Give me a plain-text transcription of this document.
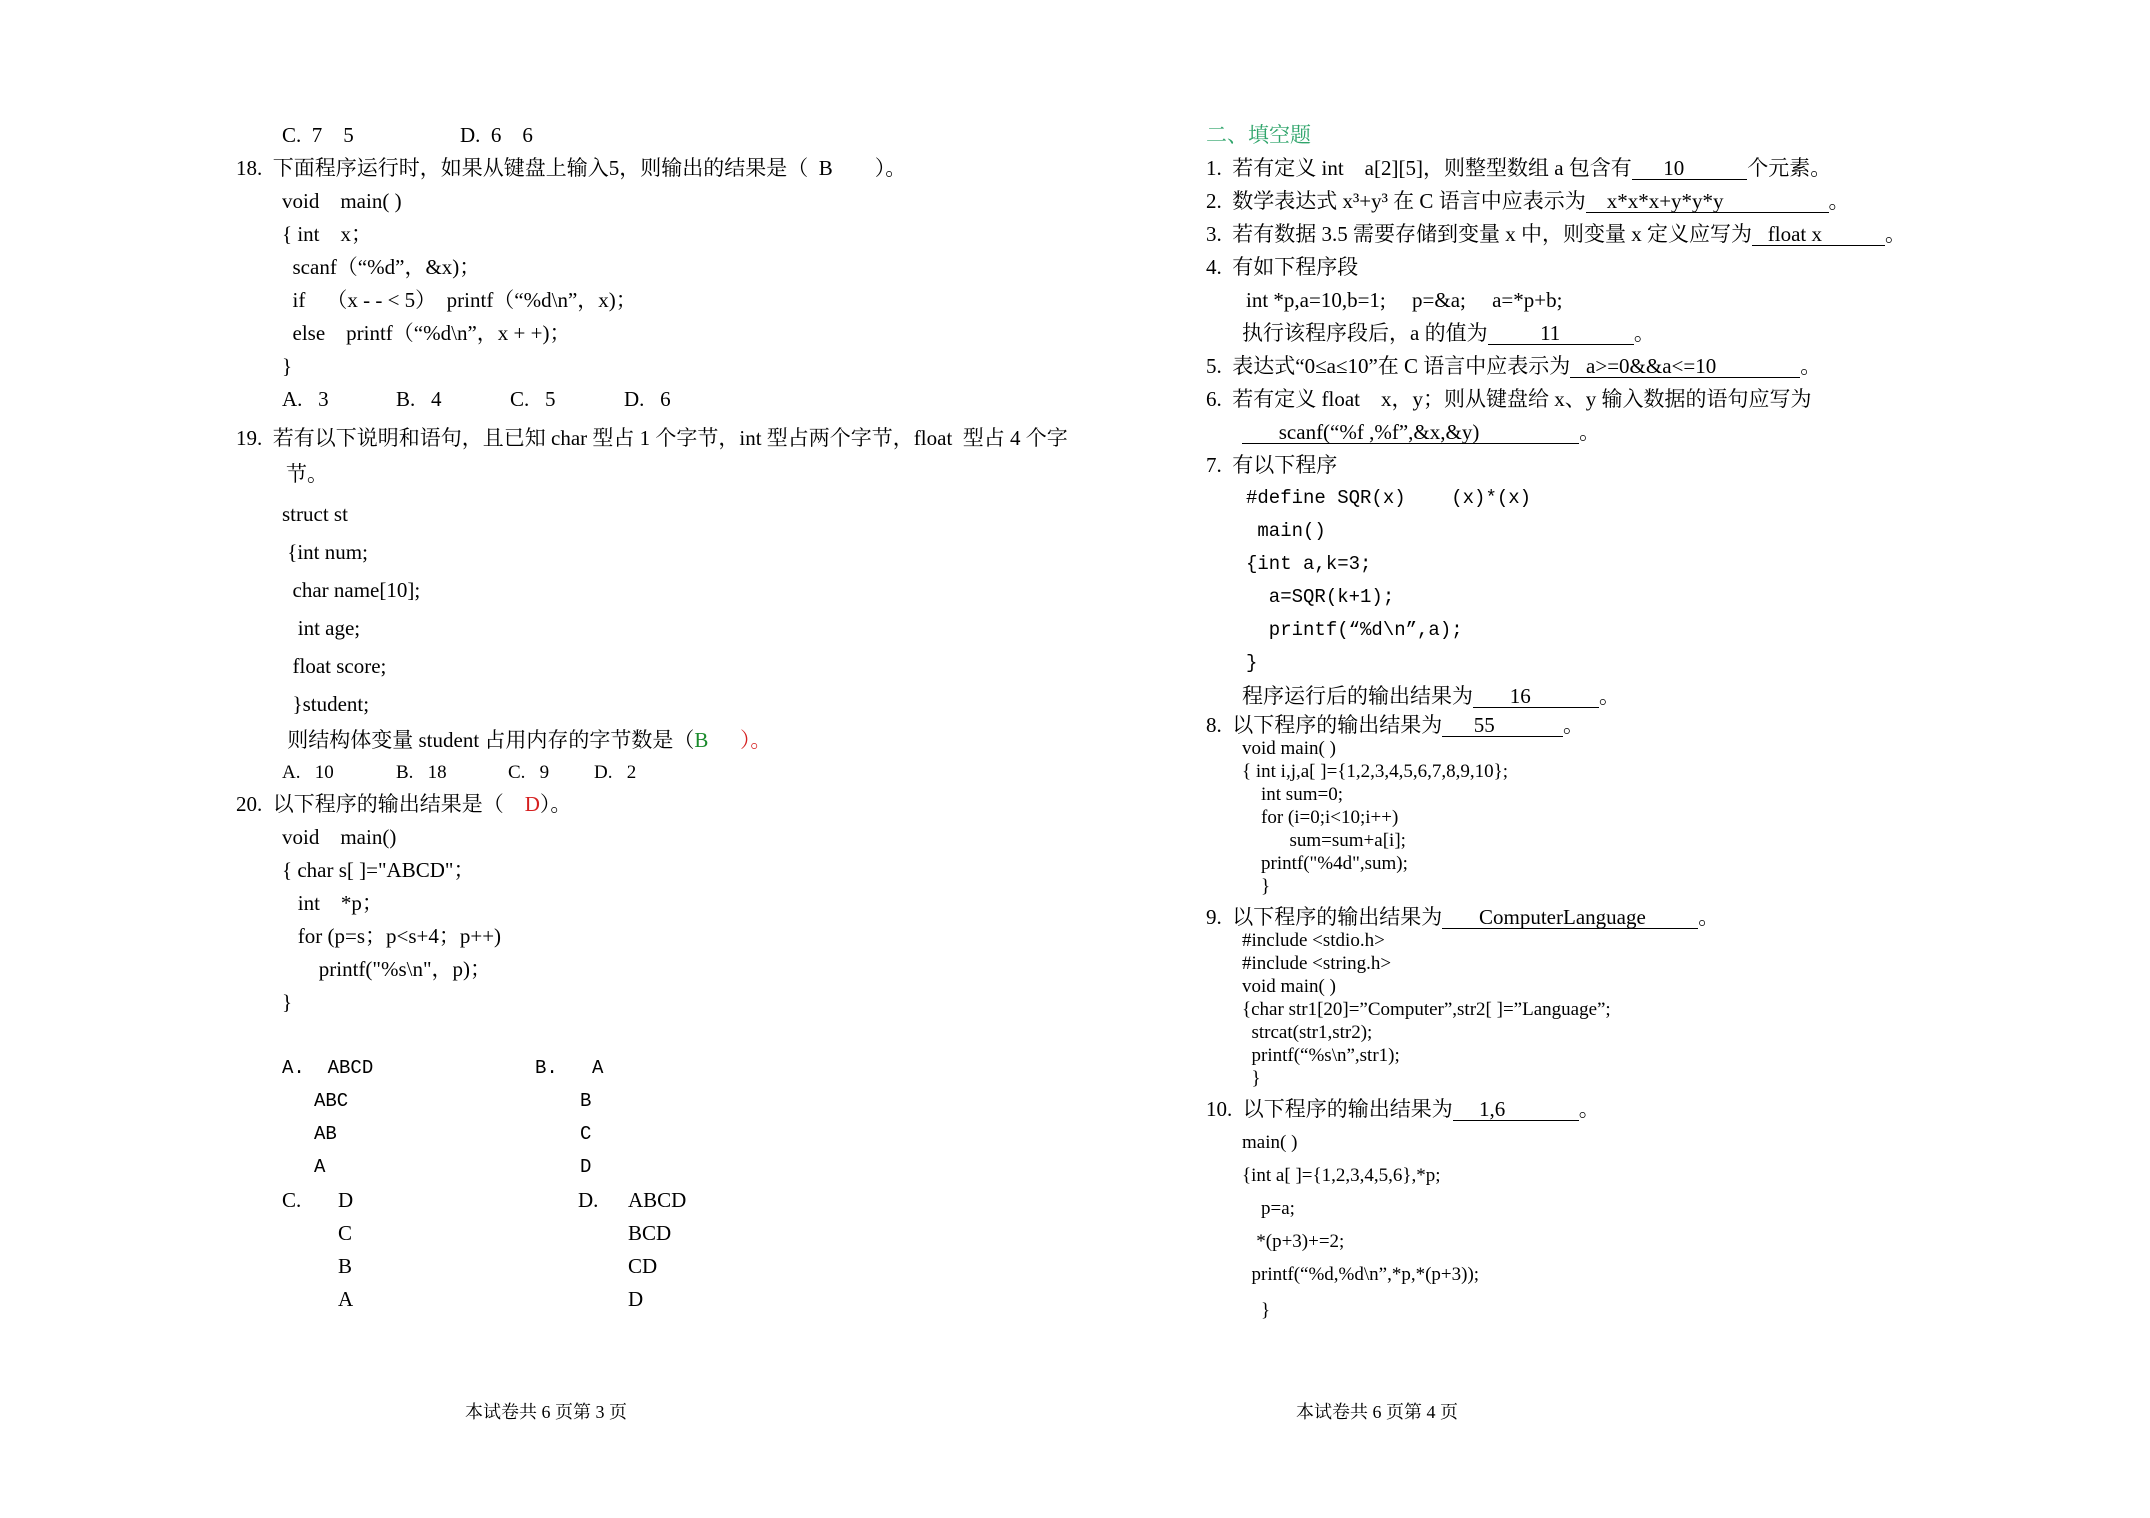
C.  7    5	D.  6    6
18. 下面程序运行时，如果从键盘上输入5，则输出的结果是（  B        ）。
void    main( )
{ int    x；
scanf（“%d”，&x)；
if    （x - - < 5）  printf（“%d\n”，x)；
else    printf（“%d\n”，x + +)；
}
A.   3	B.   4	C.   5	D.   6
19. 若有以下说明和语句，且已知 char 型占 1 个字节，int 型占两个字节，float  型占 4 个字
节。
struct st
{int num;
char name[10];
int age;
float score;
}student;
则结构体变量 student 占用内存的字节数是（B      ）。
A.   10	B.   18	C.   9 D.   2
20. 以下程序的输出结果是（    D）。
void    main()
{ char s[ ]="ABCD"；
int    *p；
for (p=s；p<s+4；p++)
printf("%s\n"，p)；
}
A.  ABCD
ABC
AB
A
B.   A
B
C
D
C. D
C
B
A
D. ABCD
BCD
CD
D
本试卷共 6 页第 3 页
二、填空题
1. 若有定义 int    a[2][5]，则整型数组 a 包含有      10            个元素。
2. 数学表达式 x³+y³ 在 C 语言中应表示为    x*x*x+y*y*y                    。
3. 若有数据 3.5 需要存储到变量 x 中，则变量 x 定义应写为   float x            。
4. 有如下程序段
int *p,a=10,b=1;     p=&a;     a=*p+b;
执行该程序段后，a 的值为          11              。
5. 表达式“0≤a≤10”在 C 语言中应表示为   a>=0&&a<=10                。
6. 若有定义 float    x，y；则从键盘给 x、y 输入数据的语句应写为
scanf(“%f ,%f”,&x,&y)                   。
7. 有以下程序
#define SQR(x)    (x)*(x)
main()
{int a,k=3;
a=SQR(k+1);
printf(“%d\n”,a);
}
程序运行后的输出结果为       16             。
8. 以下程序的输出结果为      55             。
void main( )
{ int i,j,a[ ]={1,2,3,4,5,6,7,8,9,10};
int sum=0;
for (i=0;i<10;i++)
sum=sum+a[i];
printf("%4d",sum);
}
9. 以下程序的输出结果为       ComputerLanguage          。
#include <stdio.h>
#include <string.h>
void main( )
{char str1[20]=”Computer”,str2[ ]=”Language”;
strcat(str1,str2);
printf(“%s\n”,str1);
}
10. 以下程序的输出结果为     1,6              。
main( )
{int a[ ]={1,2,3,4,5,6},*p;
p=a;
*(p+3)+=2;
printf(“%d,%d\n”,*p,*(p+3));
}
本试卷共 6 页第 4 页
